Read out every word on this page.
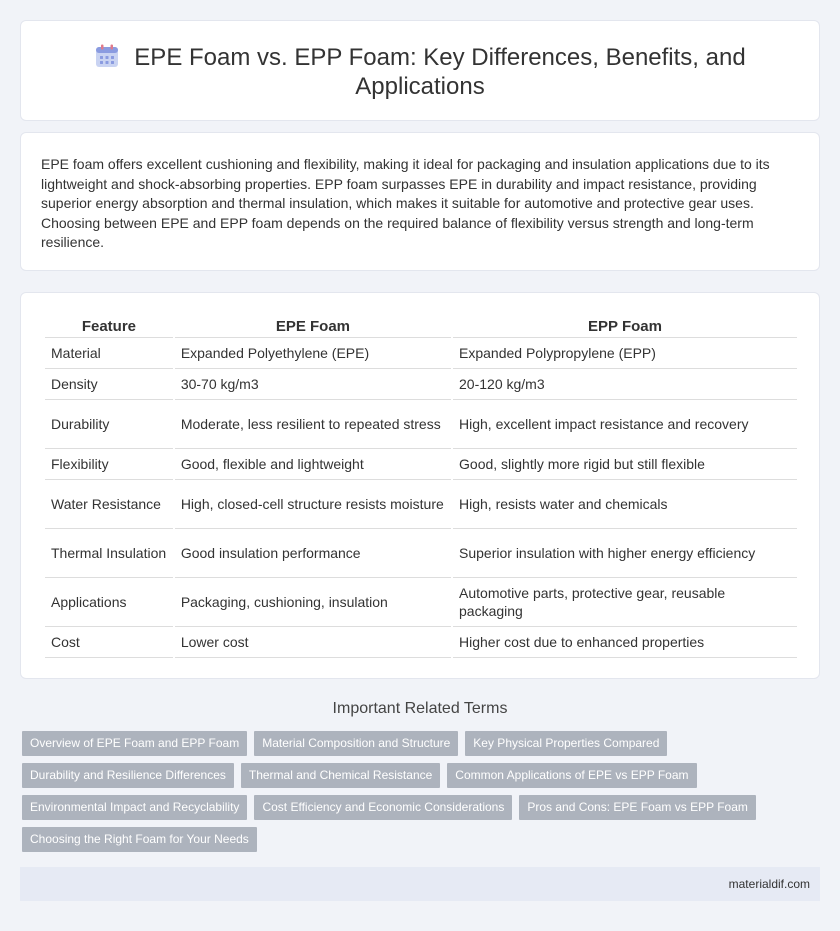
EPE Foam vs. EPP Foam: Key Differences, Benefits, and Applications

EPE foam offers excellent cushioning and flexibility, making it ideal for packaging and insulation applications due to its lightweight and shock-absorbing properties. EPP foam surpasses EPE in durability and impact resistance, providing superior energy absorption and thermal insulation, which makes it suitable for automotive and protective gear uses. Choosing between EPE and EPP foam depends on the required balance of flexibility versus strength and long-term resilience.

Feature	EPE Foam	EPP Foam
Material	Expanded Polyethylene (EPE)	Expanded Polypropylene (EPP)
Density	30-70 kg/m3	20-120 kg/m3
Durability	Moderate, less resilient to repeated stress	High, excellent impact resistance and recovery
Flexibility	Good, flexible and lightweight	Good, slightly more rigid but still flexible
Water Resistance	High, closed-cell structure resists moisture	High, resists water and chemicals
Thermal Insulation	Good insulation performance	Superior insulation with higher energy efficiency
Applications	Packaging, cushioning, insulation	Automotive parts, protective gear, reusable packaging
Cost	Lower cost	Higher cost due to enhanced properties
Important Related Terms
Overview of EPE Foam and EPP Foam	Material Composition and Structure	Key Physical Properties Compared
Durability and Resilience Differences	Thermal and Chemical Resistance	Common Applications of EPE vs EPP Foam
Environmental Impact and Recyclability	Cost Efficiency and Economic Considerations	Pros and Cons: EPE Foam vs EPP Foam
Choosing the Right Foam for Your Needs
materialdif.com
